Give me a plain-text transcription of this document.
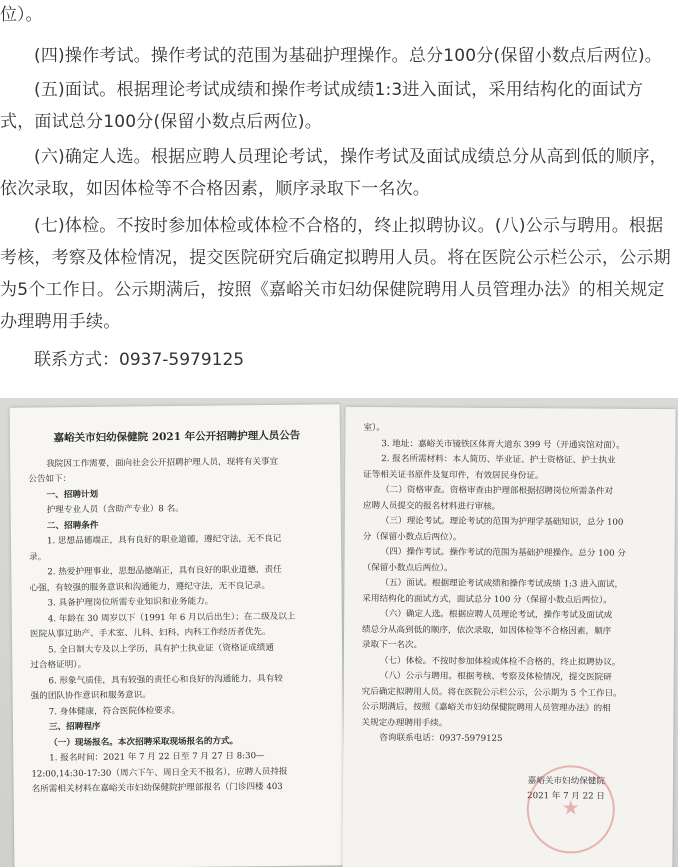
位）。

(四)操作考试。操作考试的范围为基础护理操作。总分100分(保留小数点后两位)。

(五)面试。根据理论考试成绩和操作考试成绩1:3进入面试，采用结构化的面试方式，面试总分100分(保留小数点后两位)。

(六)确定人选。根据应聘人员理论考试，操作考试及面试成绩总分从高到低的顺序，依次录取，如因体检等不合格因素，顺序录取下一名次。

(七)体检。不按时参加体检或体检不合格的，终止拟聘协议。(八)公示与聘用。根据考核，考察及体检情况，提交医院研究后确定拟聘用人员。将在医院公示栏公示，公示期为5个工作日。公示期满后，按照《嘉峪关市妇幼保健院聘用人员管理办法》的相关规定办理聘用手续。

联系方式：0937-5979125
嘉峪关市妇幼保健院 2021 年公开招聘护理人员公告
我院因工作需要，面向社会公开招聘护理人员，现将有关事宜
公告如下：
一、招聘计划
护理专业人员（含助产专业）8 名。
二、招聘条件
1. 思想品德端正，具有良好的职业道德，遵纪守法，无不良记
录。
2. 热爱护理事业，思想品德端正，具有良好的职业道德，责任
心强，有较强的服务意识和沟通能力，遵纪守法，无不良记录。
3. 具备护理岗位所需专业知识和业务能力。
4. 年龄在 30 周岁以下（1991 年 6 月以后出生）；在二级及以上
医院从事过助产、手术室、儿科、妇科、内科工作经历者优先。
5. 全日制大专及以上学历，具有护士执业证（资格证成绩通
过合格证明）。
6. 形象气质佳，具有较强的责任心和良好的沟通能力，具有较
强的团队协作意识和服务意识。
7. 身体健康，符合医院体检要求。
三、招聘程序
（一）现场报名。本次招聘采取现场报名的方式。
1. 报名时间：2021 年 7 月 22 日至 7 月 27 日 8:30—
12:00,14:30-17:30（周六下午、周日全天不报名），应聘人员持报
名所需相关材料在嘉峪关市妇幼保健院护理部报名（门诊四楼 403
室）。
3. 地址：嘉峪关市镜铁区体育大道东 399 号（开通宾馆对面）。
2. 报名所需材料：本人简历、毕业证、护士资格证、护士执业
证等相关证书原件及复印件，有效居民身份证。
（二）资格审查。资格审查由护理部根据招聘岗位所需条件对
应聘人员提交的报名材料进行审核。
（三）理论考试。理论考试的范围为护理学基础知识，总分 100
分（保留小数点后两位）。
（四）操作考试。操作考试的范围为基础护理操作。总分 100 分
（保留小数点后两位）。
（五）面试。根据理论考试成绩和操作考试成绩 1:3 进入面试，
采用结构化的面试方式，面试总分 100 分（保留小数点后两位）。
（六）确定人选。根据应聘人员理论考试，操作考试及面试成
绩总分从高到低的顺序，依次录取，如因体检等不合格因素，顺序
录取下一名次。
（七）体检。不按时参加体检或体检不合格的，终止拟聘协议。
（八）公示与聘用。根据考核、考察及体检情况，提交医院研
究后确定拟聘用人员。将在医院公示栏公示，公示期为 5 个工作日。
公示期满后，按照《嘉峪关市妇幼保健院聘用人员管理办法》的相
关规定办理聘用手续。
咨询联系电话：0937-5979125
嘉峪关市妇幼保健院
2021 年 7 月 22 日
★
